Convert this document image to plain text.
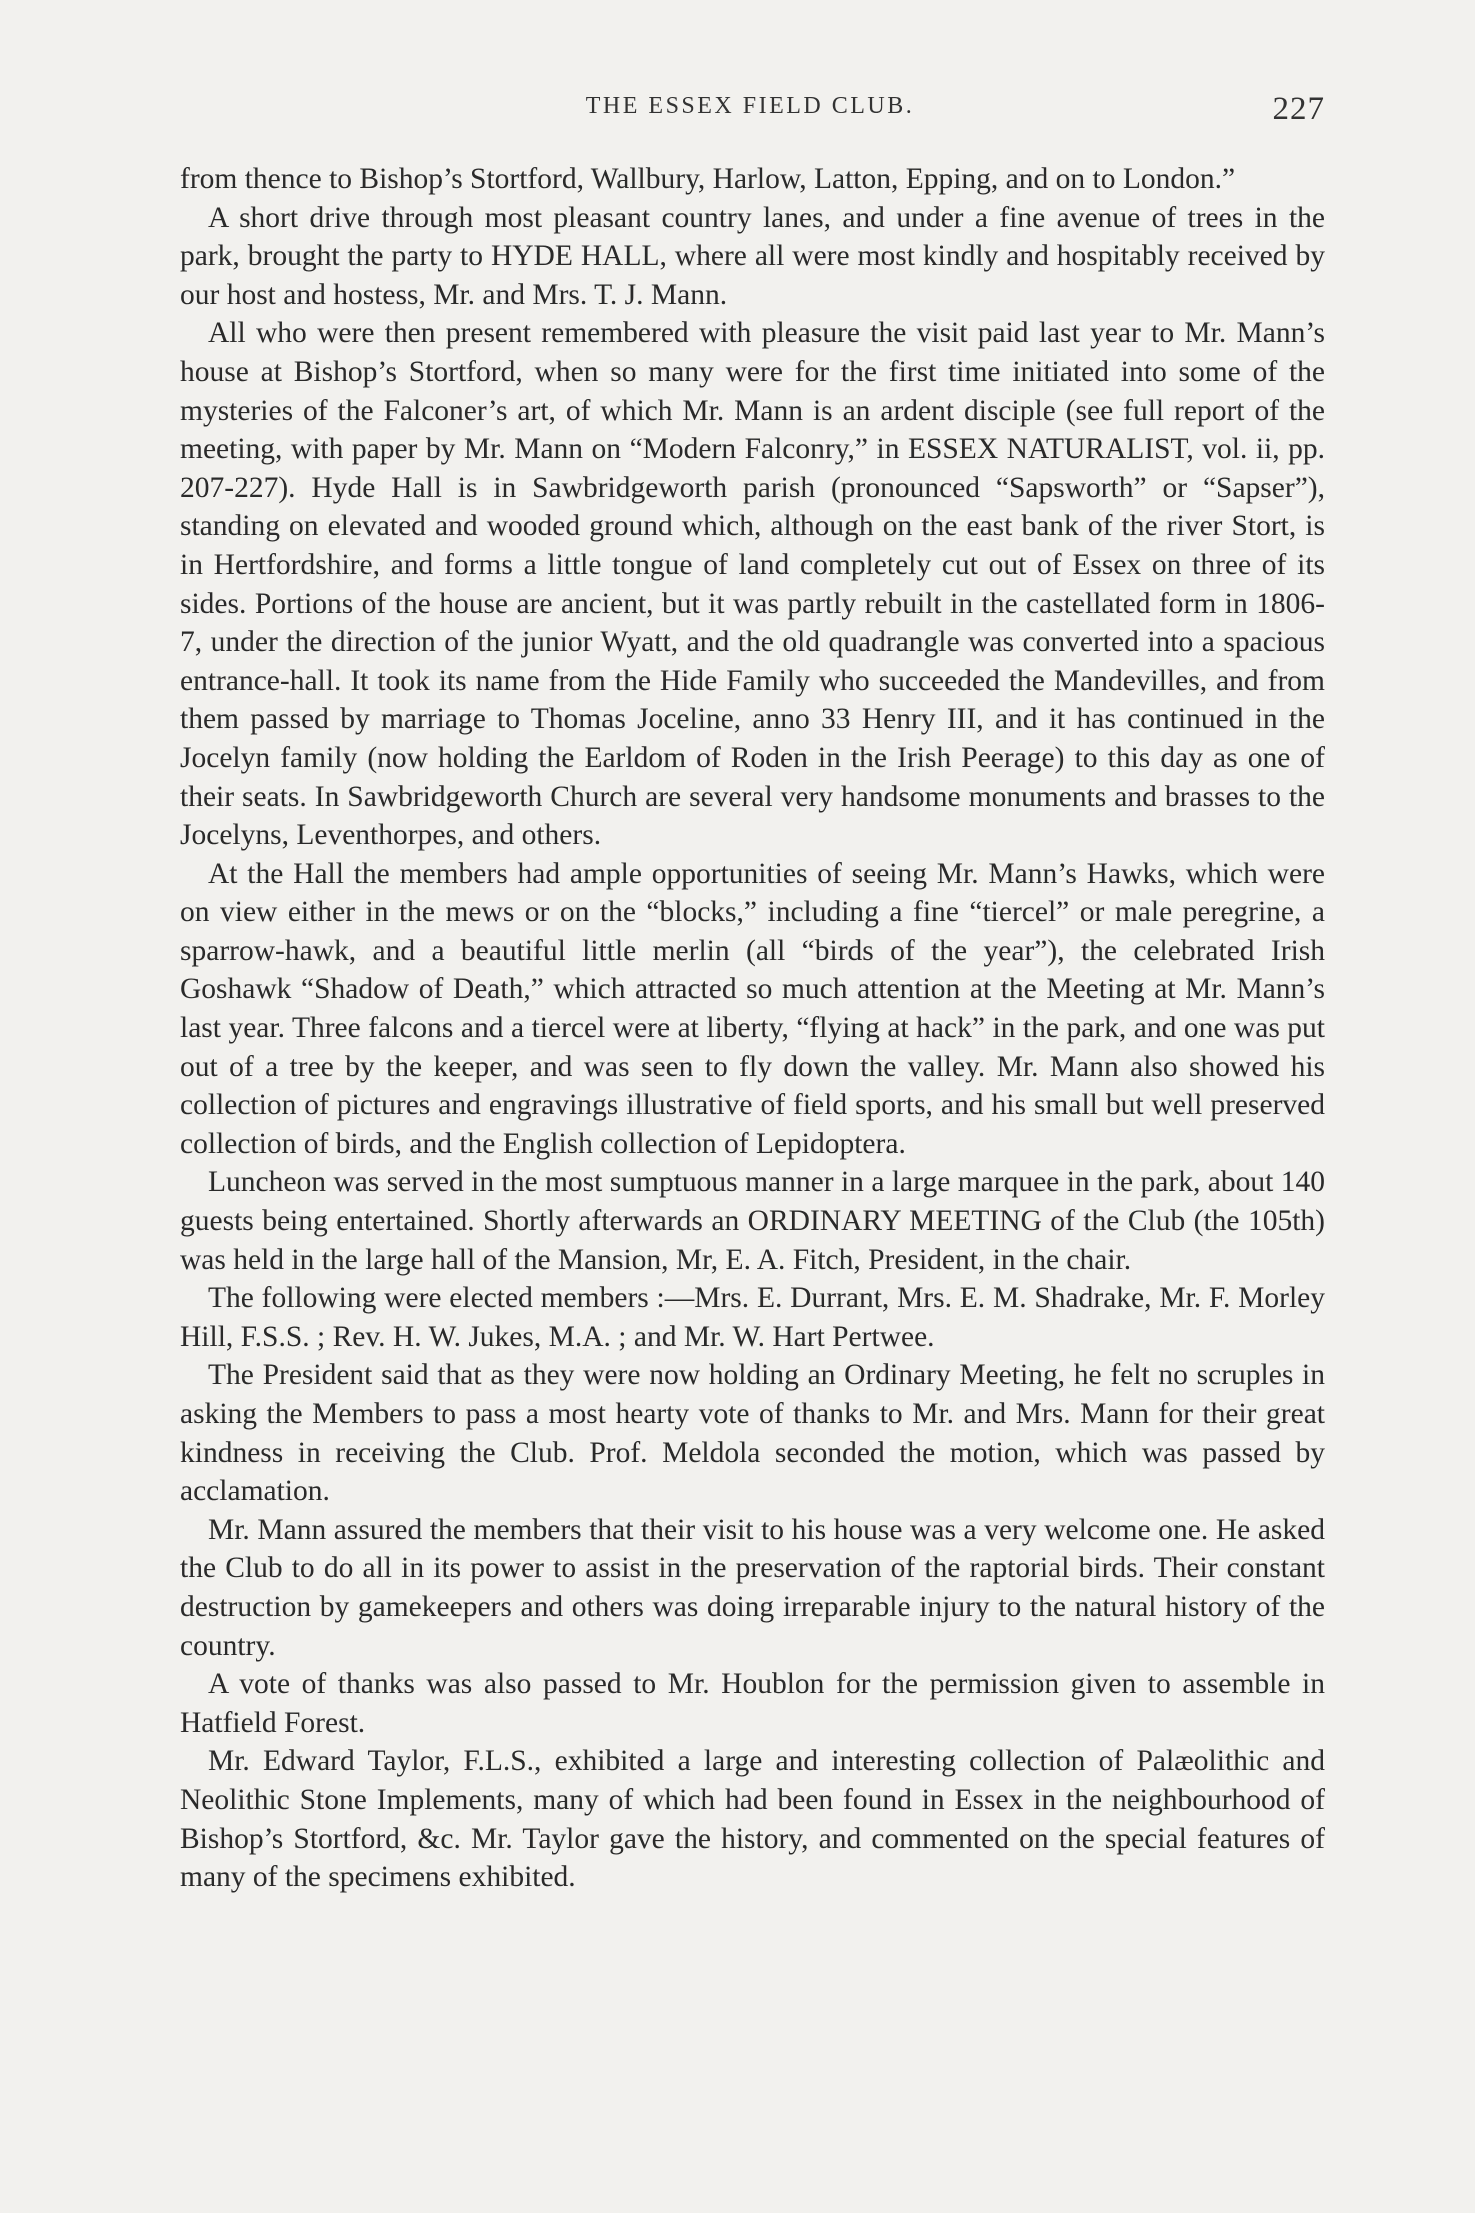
THE ESSEX FIELD CLUB.	227

from thence to Bishop’s Stortford, Wallbury, Harlow, Latton, Epping, and on to London.”

A short drive through most pleasant country lanes, and under a fine avenue of trees in the park, brought the party to HYDE HALL, where all were most kindly and hospitably received by our host and hostess, Mr. and Mrs. T. J. Mann.

All who were then present remembered with pleasure the visit paid last year to Mr. Mann’s house at Bishop’s Stortford, when so many were for the first time initiated into some of the mysteries of the Falconer’s art, of which Mr. Mann is an ardent disciple (see full report of the meeting, with paper by Mr. Mann on “Modern Falconry,” in ESSEX NATURALIST, vol. ii, pp. 207-227). Hyde Hall is in Sawbridgeworth parish (pronounced “Sapsworth” or “Sapser”), standing on elevated and wooded ground which, although on the east bank of the river Stort, is in Hertfordshire, and forms a little tongue of land completely cut out of Essex on three of its sides. Portions of the house are ancient, but it was partly rebuilt in the castellated form in 1806-7, under the direction of the junior Wyatt, and the old quadrangle was converted into a spacious entrance-hall. It took its name from the Hide Family who succeeded the Mandevilles, and from them passed by marriage to Thomas Joceline, anno 33 Henry III, and it has continued in the Jocelyn family (now holding the Earldom of Roden in the Irish Peerage) to this day as one of their seats. In Sawbridgeworth Church are several very handsome monuments and brasses to the Jocelyns, Leventhorpes, and others.

At the Hall the members had ample opportunities of seeing Mr. Mann’s Hawks, which were on view either in the mews or on the “blocks,” including a fine “tiercel” or male peregrine, a sparrow-hawk, and a beautiful little merlin (all “birds of the year”), the celebrated Irish Goshawk “Shadow of Death,” which attracted so much attention at the Meeting at Mr. Mann’s last year. Three falcons and a tiercel were at liberty, “flying at hack” in the park, and one was put out of a tree by the keeper, and was seen to fly down the valley. Mr. Mann also showed his collection of pictures and engravings illustrative of field sports, and his small but well preserved collection of birds, and the English collection of Lepidoptera.

Luncheon was served in the most sumptuous manner in a large marquee in the park, about 140 guests being entertained. Shortly afterwards an ORDINARY MEETING of the Club (the 105th) was held in the large hall of the Mansion, Mr, E. A. Fitch, President, in the chair.

The following were elected members :—Mrs. E. Durrant, Mrs. E. M. Shadrake, Mr. F. Morley Hill, F.S.S. ; Rev. H. W. Jukes, M.A. ; and Mr. W. Hart Pertwee.

The President said that as they were now holding an Ordinary Meeting, he felt no scruples in asking the Members to pass a most hearty vote of thanks to Mr. and Mrs. Mann for their great kindness in receiving the Club. Prof. Meldola seconded the motion, which was passed by acclamation.

Mr. Mann assured the members that their visit to his house was a very welcome one. He asked the Club to do all in its power to assist in the preservation of the raptorial birds. Their constant destruction by gamekeepers and others was doing irreparable injury to the natural history of the country.

A vote of thanks was also passed to Mr. Houblon for the permission given to assemble in Hatfield Forest.

Mr. Edward Taylor, F.L.S., exhibited a large and interesting collection of Palæolithic and Neolithic Stone Implements, many of which had been found in Essex in the neighbourhood of Bishop’s Stortford, &c. Mr. Taylor gave the history, and commented on the special features of many of the specimens exhibited.
